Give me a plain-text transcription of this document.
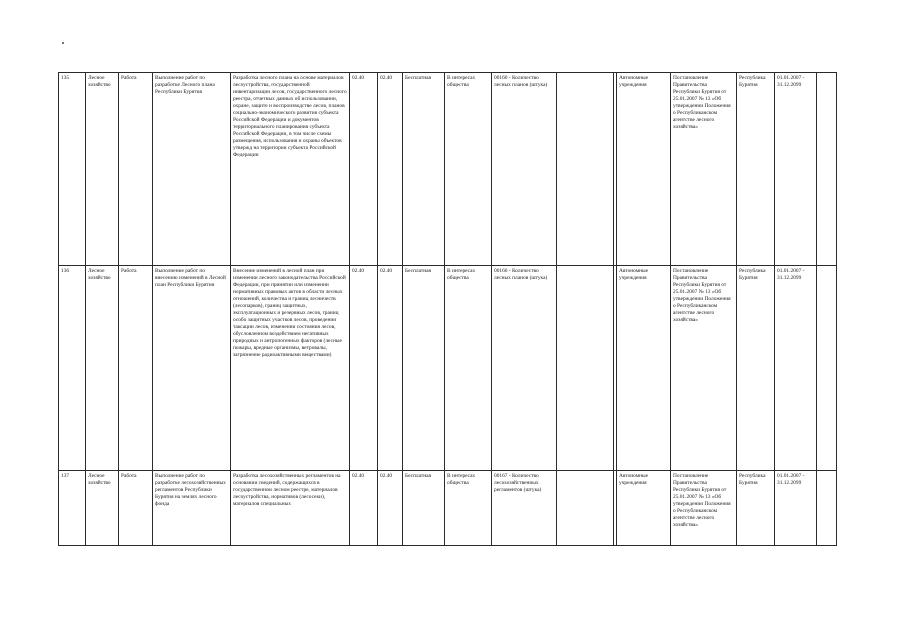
135	Лесное хозяйство	Работа	Выполнение работ по разработке Лесного плана Республики Бурятия	Разработка лесного плана на основе материалов лесоустройства, государственной инвентаризации лесов, государственного лесного реестра, отчетных данных об использовании, охране, защите и воспроизводстве лесов, планов социально-экономического развития субъекта Российской Федерации и документов территориального планирования субъекта Российской Федерации, в том числе схемы размещения, использования и охраны объектов утвержд на территории субъекта Российской Федерации	02.40	02.40	Бесплатная	В интересах общества	00160 - Количество лесных планов (штука)			Автономные учреждения	Постановление Правительства Республики Бурятия от 25.01.2007 № 13 «Об утверждении Положения о Республиканском агентстве лесного хозяйства»	Республика Бурятия	01.01.2007 - 31.12.2099	
136	Лесное хозяйство	Работа	Выполнение работ по внесению изменений в Лесной план Республики Бурятия	Внесение изменений в лесной план при изменении лесного законодательства Российской Федерации, при принятии или изменении нормативных правовых актов в области лесных отношений, количества и границ лесничеств (лесопарков), границ защитных, эксплуатационных и резервных лесов, границ особо защитных участков лесов, проведении таксации лесов, изменении состояния лесов, обусловленном воздействием негативных природных и антропогенных факторов (лесные пожары, вредные организмы, ветровалы, загрязнение радиоактивными веществами)	02.40	02.40	Бесплатная	В интересах общества	00166 - Количество лесных планов (штука)			Автономные учреждения	Постановление Правительства Республики Бурятия от 25.01.2007 № 13 «Об утверждении Положения о Республиканском агентстве лесного хозяйства»	Республика Бурятия	01.01.2007 - 31.12.2099	
137	Лесное хозяйство	Работа	Выполнение работ по разработке лесохозяйственных регламентов Республики Бурятия на землях лесного фонда	Разработка лесохозяйственных регламентов на основании сведений, содержащихся в государственном лесном реестре, материалов лесоустройства, нормативов (лесосеки), материалов специальных	02.40	02.40	Бесплатная	В интересах общества	00167 - Количество лесохозяйственных регламентов (штука)			Автономные учреждения	Постановление Правительства Республики Бурятия от 25.01.2007 № 13 «Об утверждении Положения о Республиканском агентстве лесного хозяйства»	Республика Бурятия	01.01.2007 - 31.12.2099	
